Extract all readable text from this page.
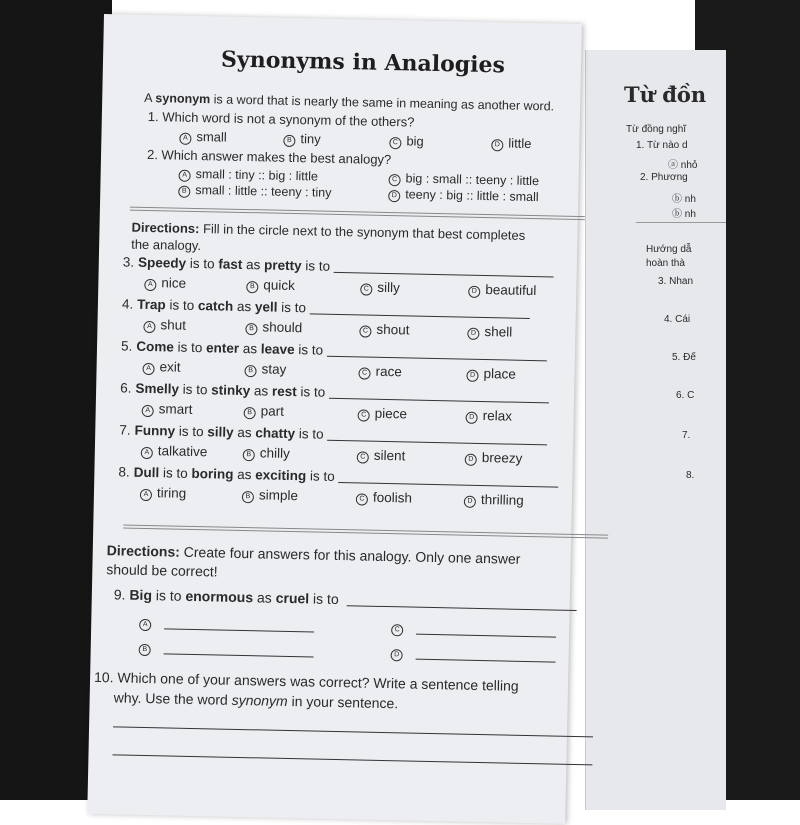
Từ đồn
Từ đồng nghĩ
1. Từ nào d
ⓐ nhỏ
2. Phương
ⓑ nh
ⓑ nh
Hướng dẫ
hoàn thà
3. Nhan
4. Cái
5. Đế
6. C
7.
8.
Synonyms in Analogies
A synonym is a word that is nearly the same in meaning as another word.
1. Which word is not a synonym of the others?
A small	B tiny	C big	D little
2. Which answer makes the best analogy?
A small : tiny :: big : little
B small : little :: teeny : tiny
C big : small :: teeny : little
D teeny : big :: little : small
Directions: Fill in the circle next to the synonym that best completes
the analogy.
3. Speedy is to fast as pretty is to
A nice	B quick	C silly	D beautiful
4. Trap is to catch as yell is to
A shut	B should	C shout	D shell
5. Come is to enter as leave is to
A exit	B stay	C race	D place
6. Smelly is to stinky as rest is to
A smart	B part	C piece	D relax
7. Funny is to silly as chatty is to
A talkative	B chilly	C silent	D breezy
8. Dull is to boring as exciting is to
A tiring	B simple	C foolish	D thrilling
Directions: Create four answers for this analogy. Only one answer
should be correct!
9. Big is to enormous as cruel is to
A
C
B
D
10. Which one of your answers was correct? Write a sentence telling
why. Use the word synonym in your sentence.
